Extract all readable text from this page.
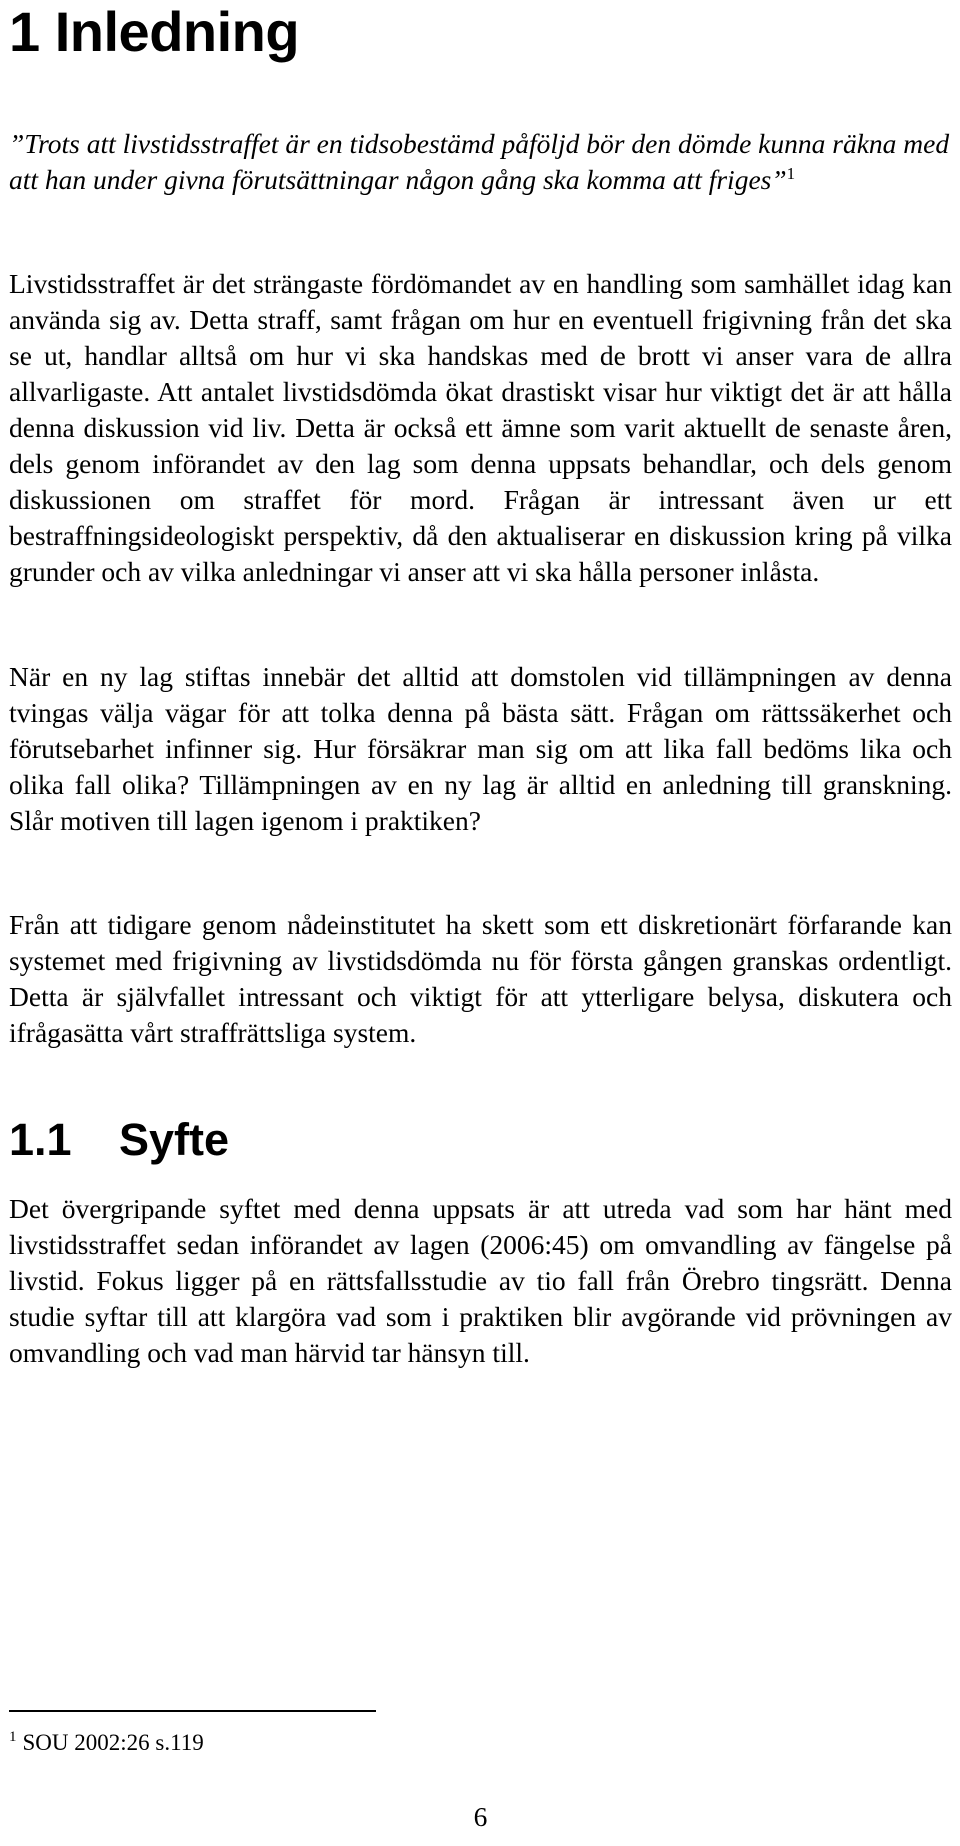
1 Inledning

”Trots att livstidsstraffet är en tidsobestämd påföljd bör den dömde kunna räkna med att han under givna förutsättningar någon gång ska komma att friges”$^1$

Livstidsstraffet är det strängaste fördömandet av en handling som samhället idag kan använda sig av. Detta straff, samt frågan om hur en eventuell frigivning från det ska se ut, handlar alltså om hur vi ska handskas med de brott vi anser vara de allra allvarligaste. Att antalet livstidsdömda ökat drastiskt visar hur viktigt det är att hålla denna diskussion vid liv. Detta är också ett ämne som varit aktuellt de senaste åren, dels genom införandet av den lag som denna uppsats behandlar, och dels genom diskussionen om straffet för mord. Frågan är intressant även ur ett bestraffningsideologiskt perspektiv, då den aktualiserar en diskussion kring på vilka grunder och av vilka anledningar vi anser att vi ska hålla personer inlåsta.

När en ny lag stiftas innebär det alltid att domstolen vid tillämpningen av denna tvingas välja vägar för att tolka denna på bästa sätt. Frågan om rättssäkerhet och förutsebarhet infinner sig. Hur försäkrar man sig om att lika fall bedöms lika och olika fall olika? Tillämpningen av en ny lag är alltid en anledning till granskning. Slår motiven till lagen igenom i praktiken?

Från att tidigare genom nådeinstitutet ha skett som ett diskretionärt förfarande kan systemet med frigivning av livstidsdömda nu för första gången granskas ordentligt. Detta är självfallet intressant och viktigt för att ytterligare belysa, diskutera och ifrågasätta vårt straffrättsliga system.

1.1 Syfte

Det övergripande syftet med denna uppsats är att utreda vad som har hänt med livstidsstraffet sedan införandet av lagen (2006:45) om omvandling av fängelse på livstid. Fokus ligger på en rättsfallsstudie av tio fall från Örebro tingsrätt. Denna studie syftar till att klargöra vad som i praktiken blir avgörande vid prövningen av omvandling och vad man härvid tar hänsyn till.

$^1$ SOU 2002:26 s.119

6
